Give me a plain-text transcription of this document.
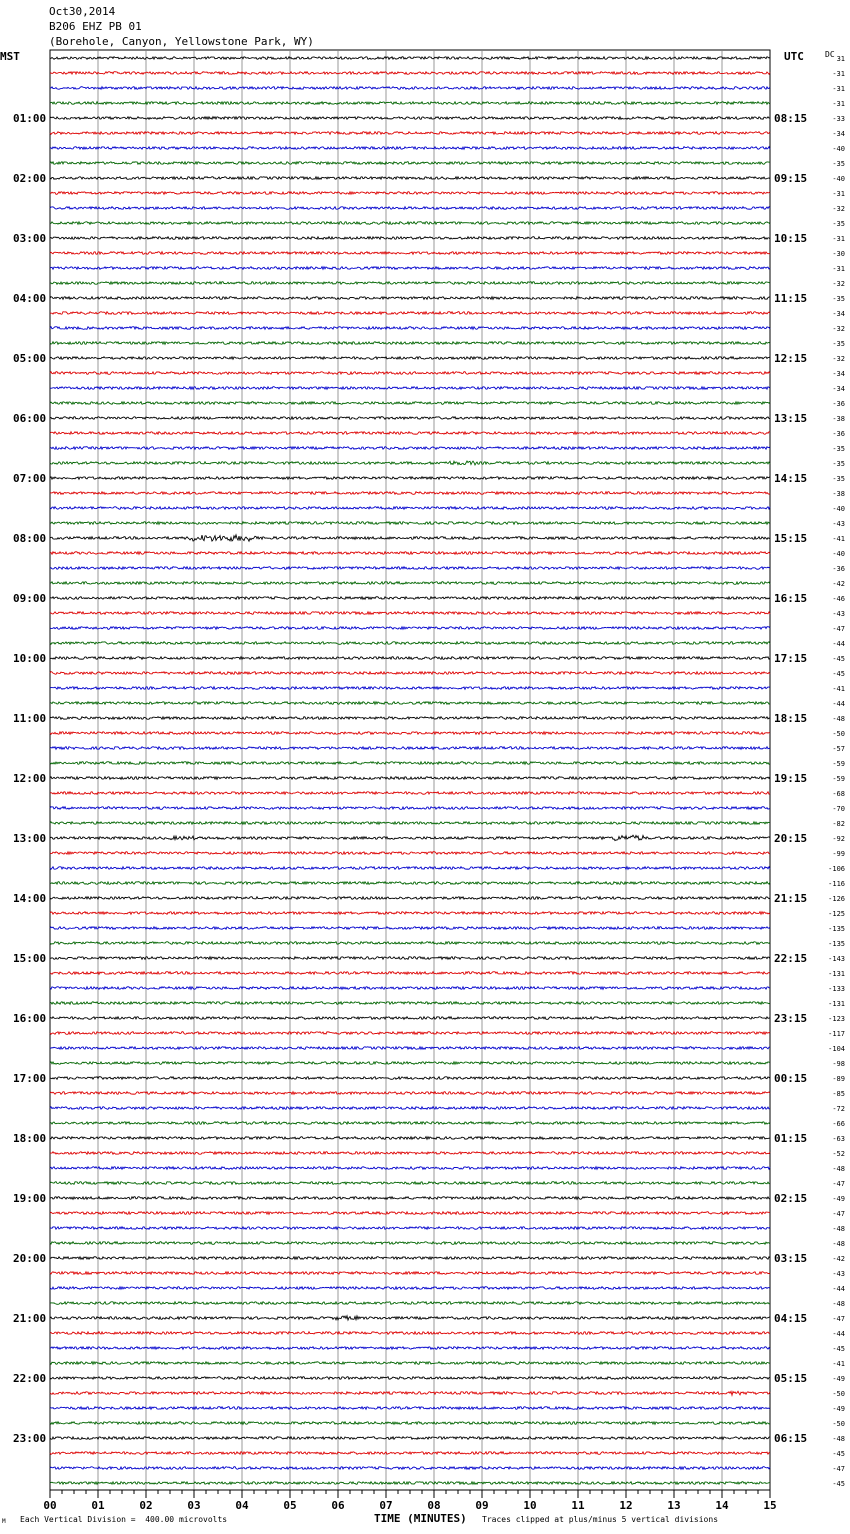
00	01	02	03	04	05	06	07	08	09	10	11	12	13	14	15
01:00
02:00
03:00
04:00
05:00
06:00
07:00
08:00
09:00
10:00
11:00
12:00
13:00
14:00
15:00
16:00
17:00
18:00
19:00
20:00
21:00
22:00
23:00
08:15
09:15
10:15
11:15
12:15
13:15
14:15
15:15
16:15
17:15
18:15
19:15
20:15
21:15
22:15
23:15
00:15
01:15
02:15
03:15
04:15
05:15
06:15
31
-31
-31
-31
-33
-34
-40
-35
-40
-31
-32
-35
-31
-30
-31
-32
-35
-34
-32
-35
-32
-34
-34
-36
-38
-36
-35
-35
-35
-38
-40
-43
-41
-40
-36
-42
-46
-43
-47
-44
-45
-45
-41
-44
-48
-50
-57
-59
-59
-68
-70
-82
-92
-99
-106
-116
-126
-125
-135
-135
-143
-131
-133
-131
-123
-117
-104
-98
-89
-85
-72
-66
-63
-52
-48
-47
-49
-47
-48
-48
-42
-43
-44
-48
-47
-44
-45
-41
-49
-50
-49
-50
-48
-45
-47
-45
Oct30,2014
B206 EHZ PB 01
(Borehole, Canyon, Yellowstone Park, WY)
MST	UTC	DC
M Each Vertical Division =  400.00 microvolts	TIME (MINUTES) Traces clipped at plus/minus 5 vertical divisions
